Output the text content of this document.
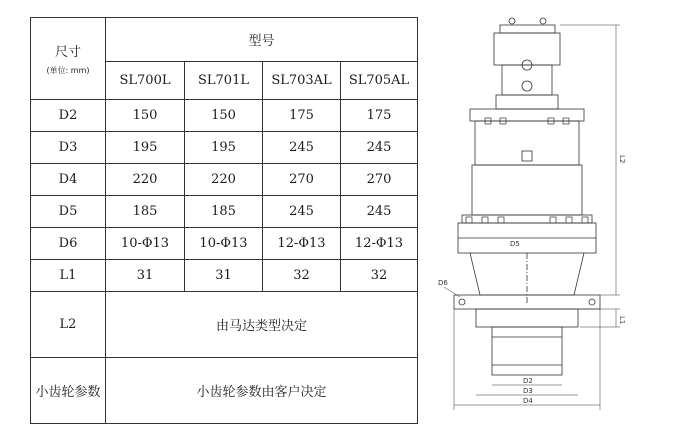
尺寸
(单位: mm)	型号			
	SL700L	SL701L	SL703AL	SL705AL
D2	150	150	175	175
D3	195	195	245	245
D4	220	220	270	270
D5	185	185	245	245
D6	10-Φ13	10-Φ13	12-Φ13	12-Φ13
L1	31	31	32	32
L2	由马达类型决定			
小齿轮参数	小齿轮参数由客户决定			
L2
L1
D6
D5
D2
D3
D4
